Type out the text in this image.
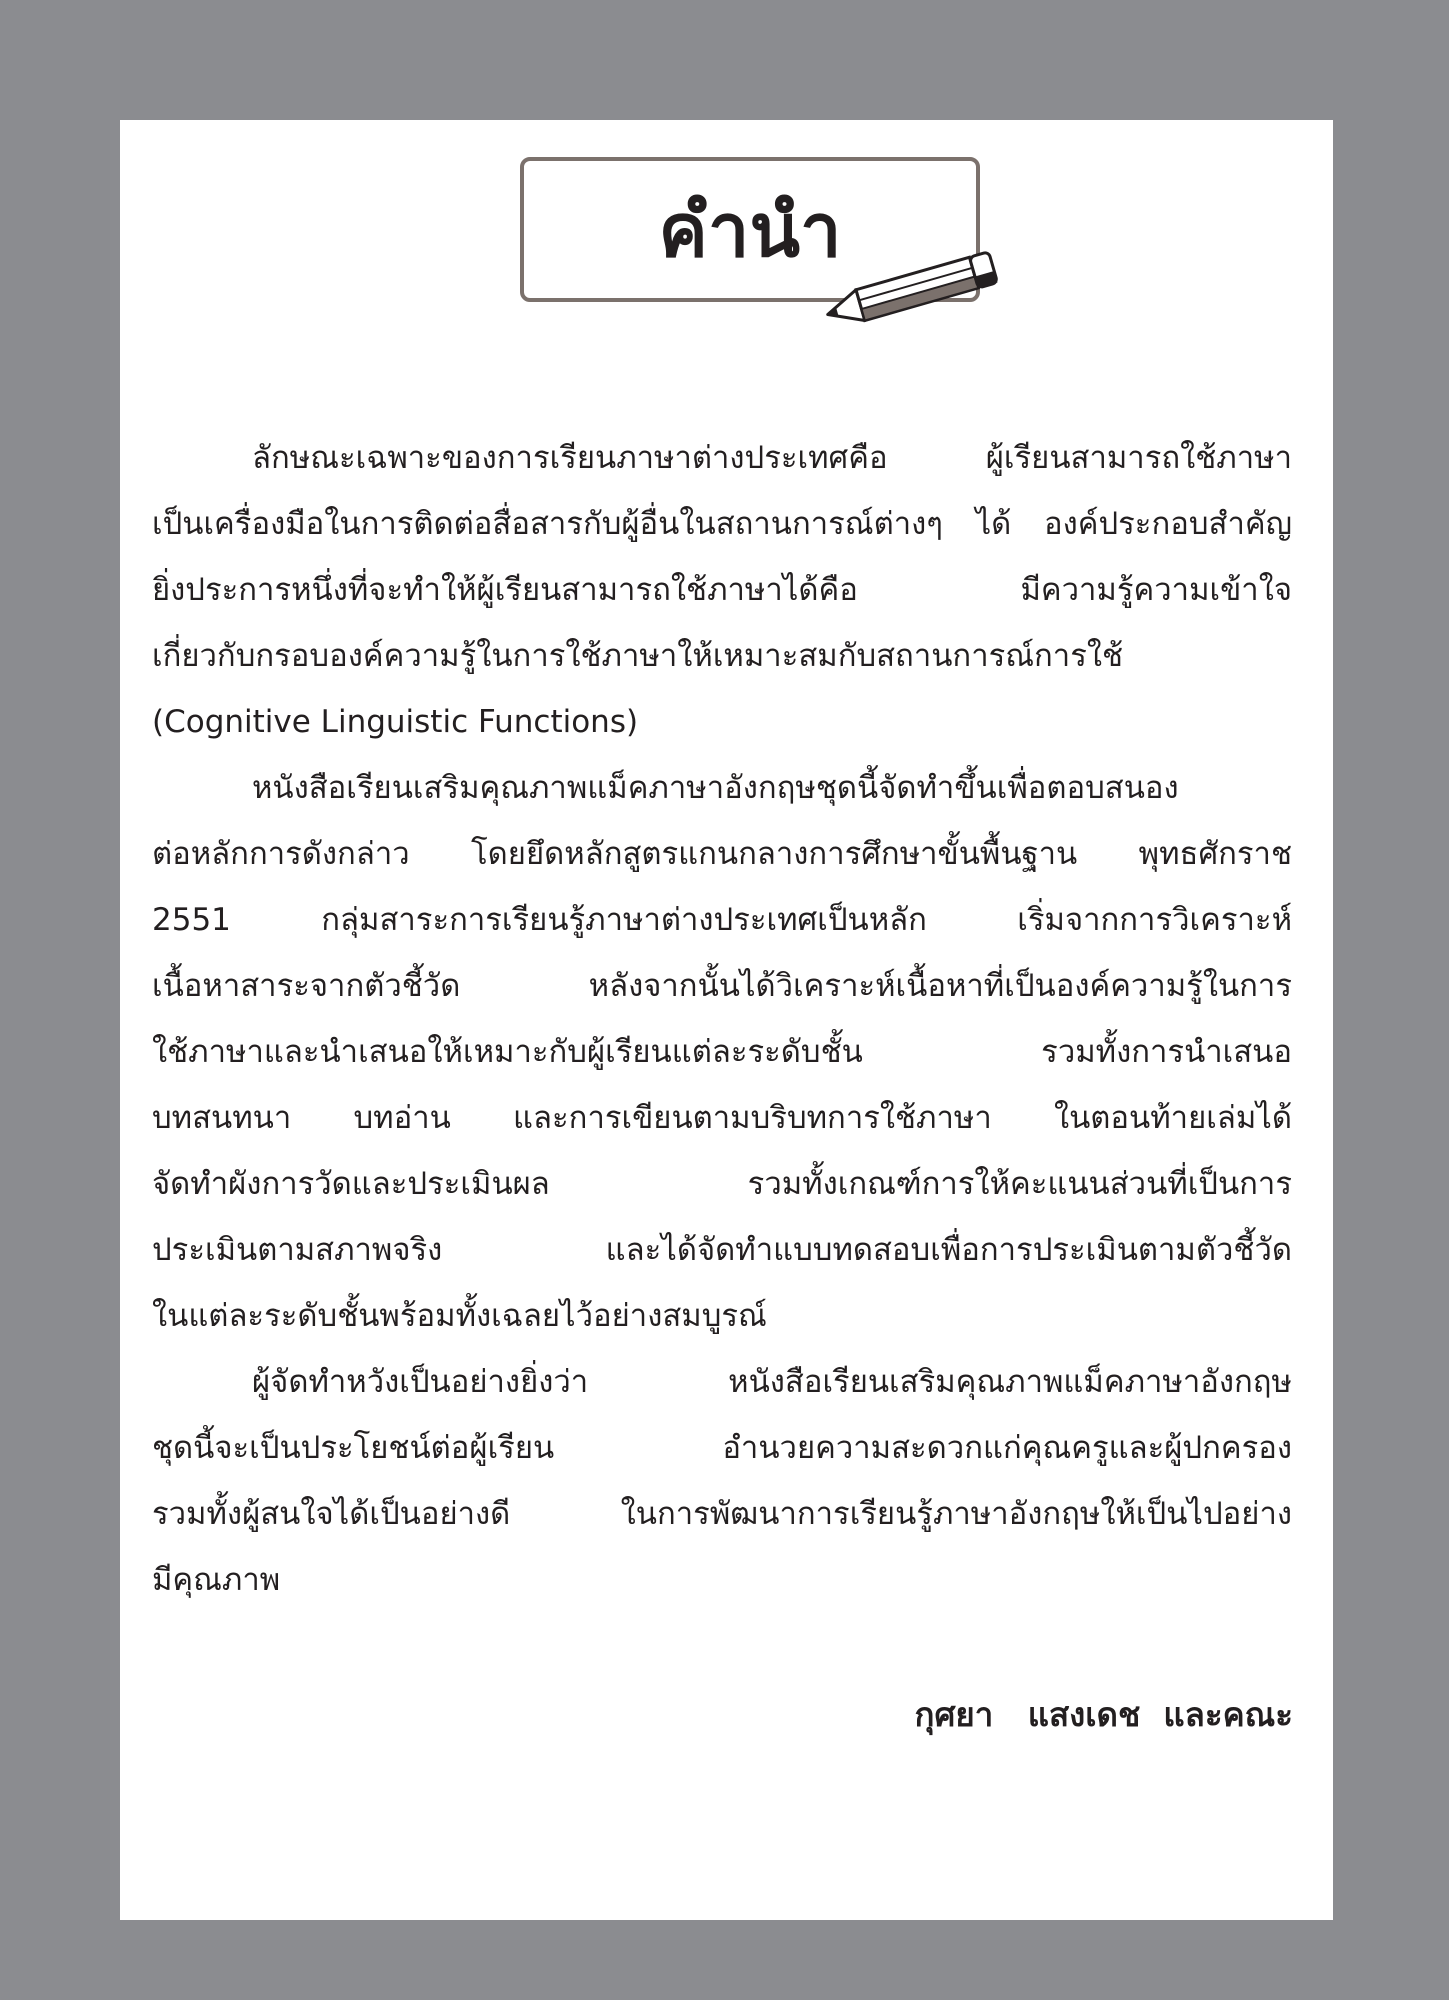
คำนำ
ลักษณะเฉพาะของการเรียนภาษาต่างประเทศคือ ผู้เรียนสามารถใช้ภาษา
เป็นเครื่องมือในการติดต่อสื่อสารกับผู้อื่นในสถานการณ์ต่างๆ ได้ องค์ประกอบสำคัญ
ยิ่งประการหนึ่งที่จะทำให้ผู้เรียนสามารถใช้ภาษาได้คือ มีความรู้ความเข้าใจ
เกี่ยวกับกรอบองค์ความรู้ในการใช้ภาษาให้เหมาะสมกับสถานการณ์การใช้
(Cognitive Linguistic Functions)
หนังสือเรียนเสริมคุณภาพแม็คภาษาอังกฤษชุดนี้จัดทำขึ้นเพื่อตอบสนอง
ต่อหลักการดังกล่าว โดยยึดหลักสูตรแกนกลางการศึกษาขั้นพื้นฐาน พุทธศักราช
2551 กลุ่มสาระการเรียนรู้ภาษาต่างประเทศเป็นหลัก เริ่มจากการวิเคราะห์
เนื้อหาสาระจากตัวชี้วัด หลังจากนั้นได้วิเคราะห์เนื้อหาที่เป็นองค์ความรู้ในการ
ใช้ภาษาและนำเสนอให้เหมาะกับผู้เรียนแต่ละระดับชั้น รวมทั้งการนำเสนอ
บทสนทนา บทอ่าน และการเขียนตามบริบทการใช้ภาษา ในตอนท้ายเล่มได้
จัดทำผังการวัดและประเมินผล รวมทั้งเกณฑ์การให้คะแนนส่วนที่เป็นการ
ประเมินตามสภาพจริง และได้จัดทำแบบทดสอบเพื่อการประเมินตามตัวชี้วัด
ในแต่ละระดับชั้นพร้อมทั้งเฉลยไว้อย่างสมบูรณ์
ผู้จัดทำหวังเป็นอย่างยิ่งว่า หนังสือเรียนเสริมคุณภาพแม็คภาษาอังกฤษ
ชุดนี้จะเป็นประโยชน์ต่อผู้เรียน อำนวยความสะดวกแก่คุณครูและผู้ปกครอง
รวมทั้งผู้สนใจได้เป็นอย่างดี ในการพัฒนาการเรียนรู้ภาษาอังกฤษให้เป็นไปอย่าง
มีคุณภาพ
กุศยา   แสงเดช  และคณะ
